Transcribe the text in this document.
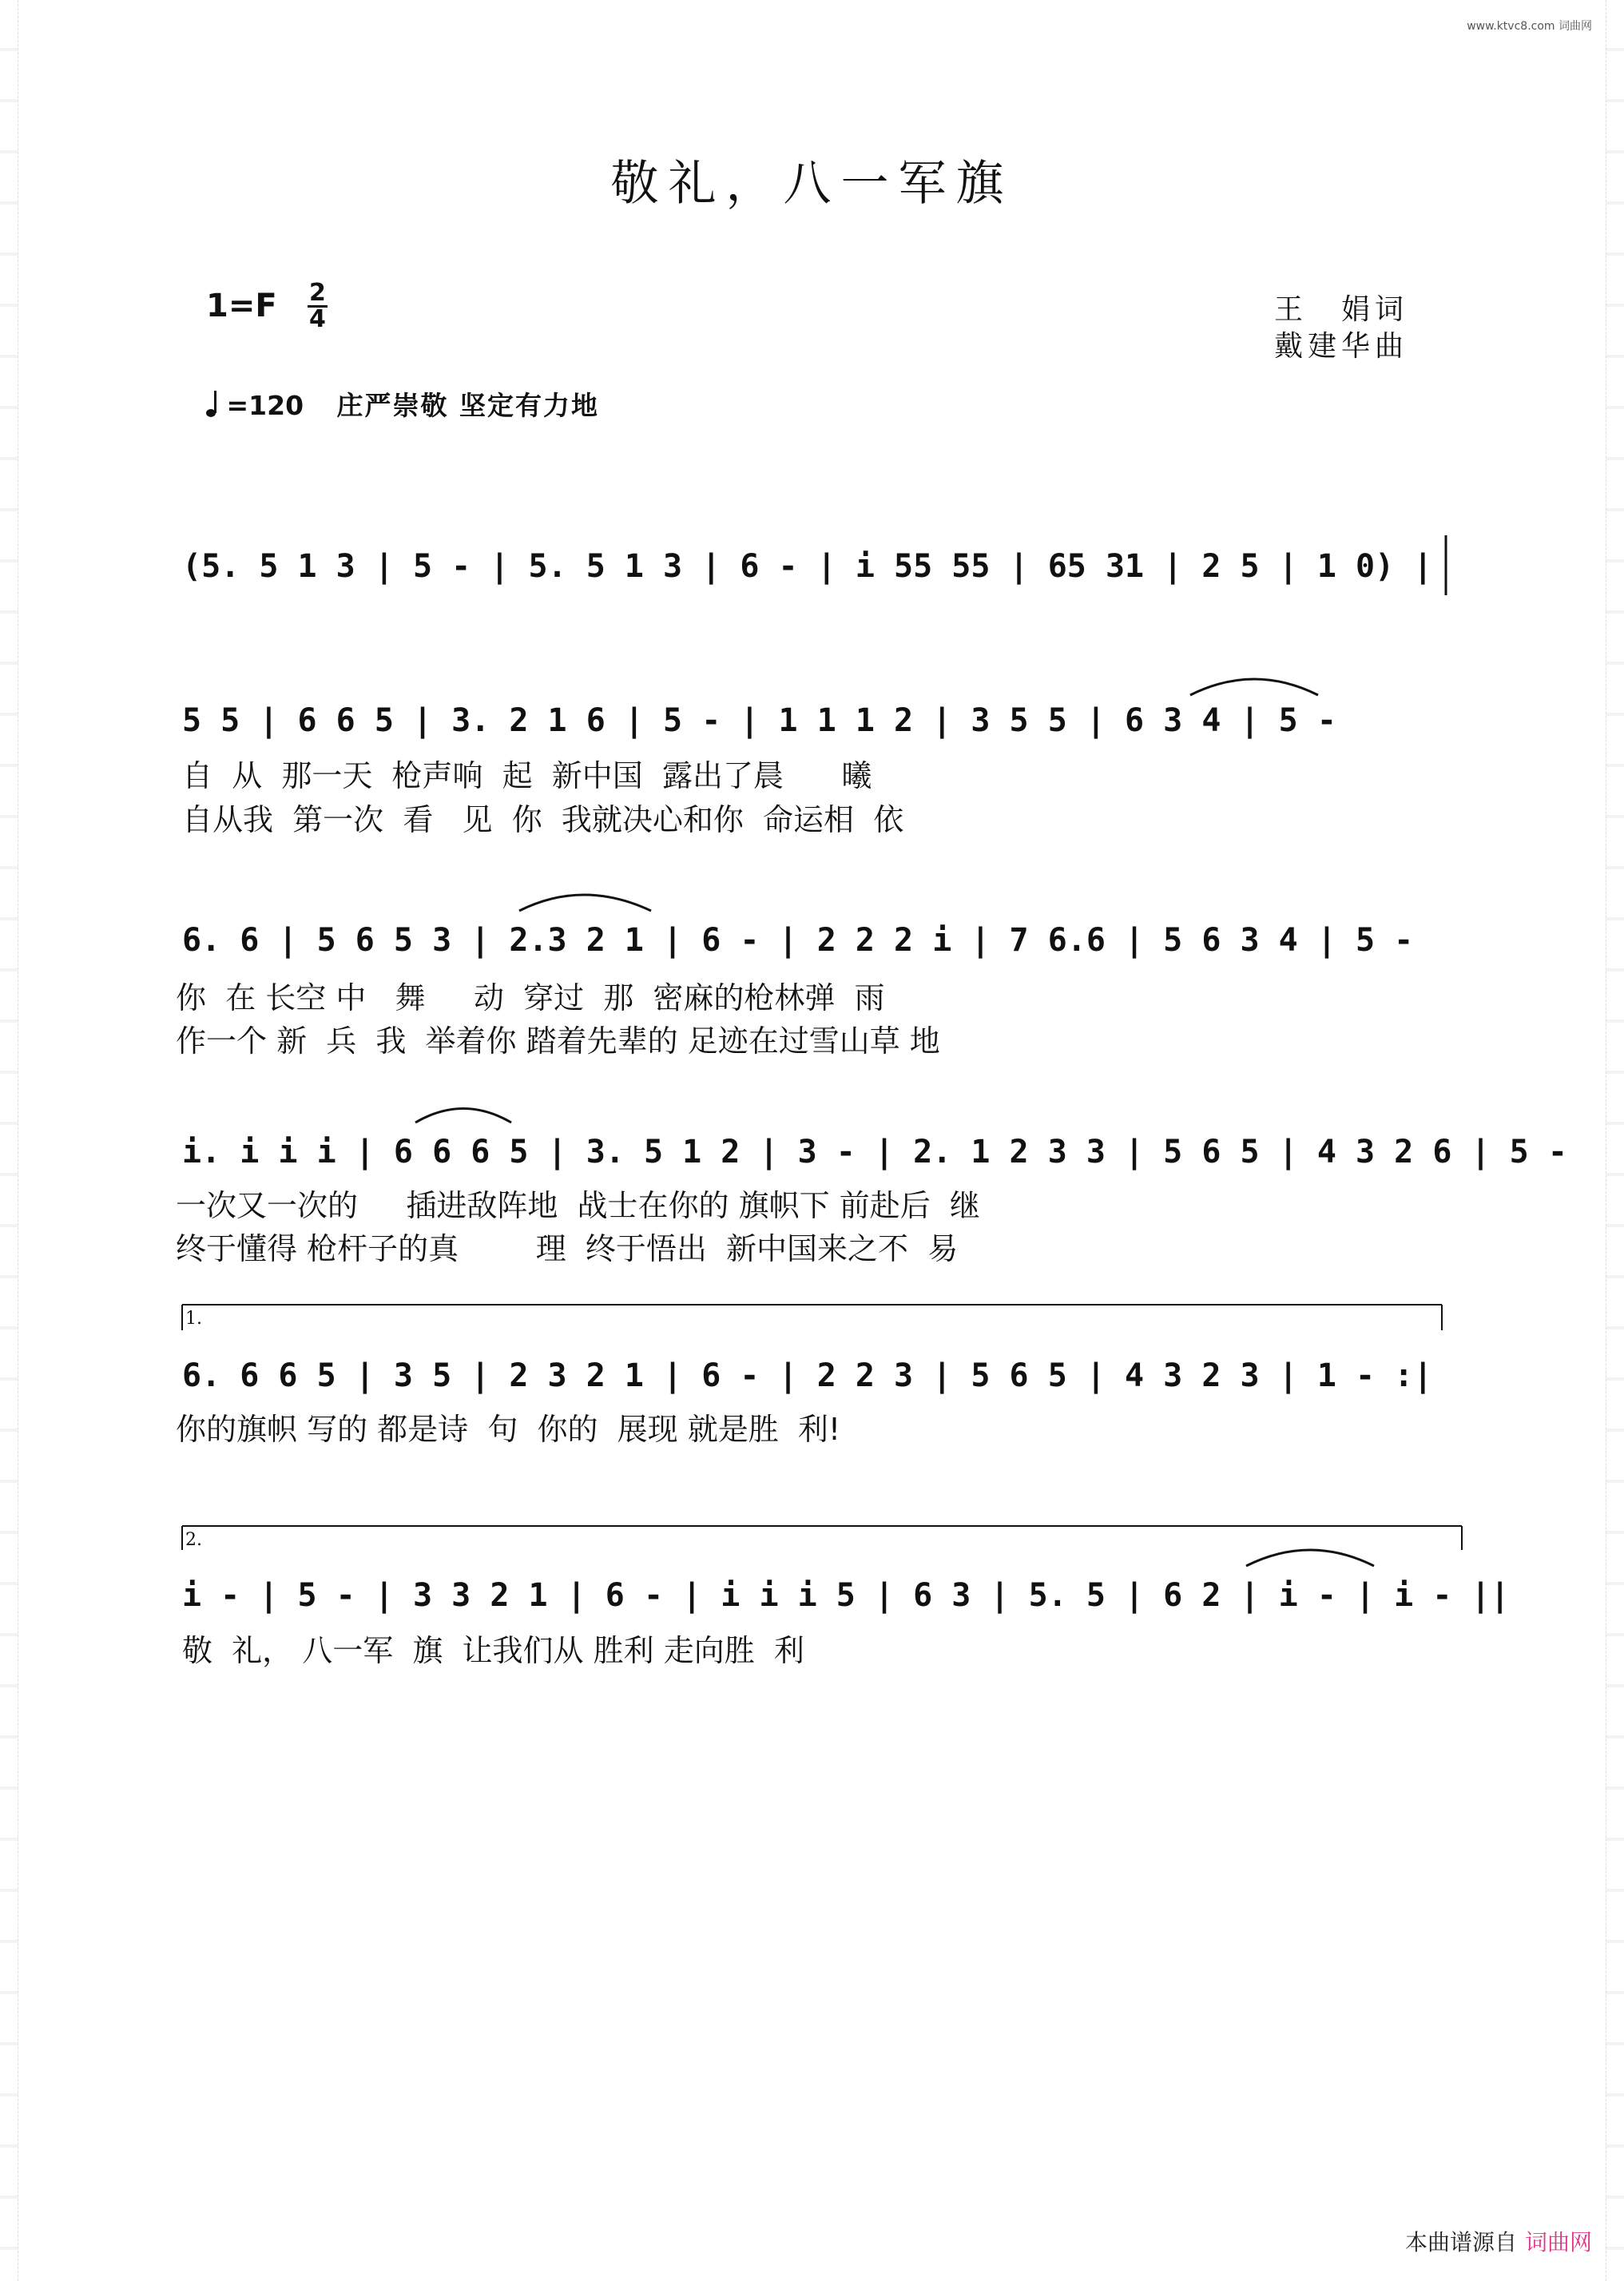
www.ktvc8.com 词曲网
敬礼，八一军旗
1=F 2
4	王　娟词
戴建华曲
=120 庄严崇敬 坚定有力地
(5. 5 1 3 | 5 - | 5. 5 1 3 | 6 - | i 55 55 | 65 31 | 2 5 | 1 0) |
5 5 | 6 6 5 | 3. 2 1 6 | 5 - | 1 1 1 2 | 3 5 5 | 6 3 4 | 5 -
6. 6 | 5 6 5 3 | 2.3 2 1 | 6 - | 2 2 2 i | 7 6.6 | 5 6 3 4 | 5 -
i. i i i | 6 6 6 5 | 3. 5 1 2 | 3 - | 2. 1 2 3 3 | 5 6 5 | 4 3 2 6 | 5 -
6. 6 6 5 | 3 5 | 2 3 2 1 | 6 - | 2 2 3 | 5 6 5 | 4 3 2 3 | 1 - :|
i - | 5 - | 3 3 2 1 | 6 - | i i i 5 | 6 3 | 5. 5 | 6 2 | i - | i - ||
自  从  那一天  枪声响  起  新中国  露出了晨      曦
自从我  第一次  看   见  你  我就决心和你  命运相  依
你  在 长空 中   舞     动  穿过  那  密麻的枪林弹  雨
作一个 新  兵  我  举着你 踏着先辈的 足迹在过雪山草 地
一次又一次的     插进敌阵地  战士在你的 旗帜下 前赴后  继
终于懂得 枪杆子的真        理  终于悟出  新中国来之不  易
1.
你的旗帜 写的 都是诗  句  你的  展现 就是胜  利!
2.
敬  礼， 八一军  旗  让我们从 胜利 走向胜  利
本曲谱源自 词曲网
